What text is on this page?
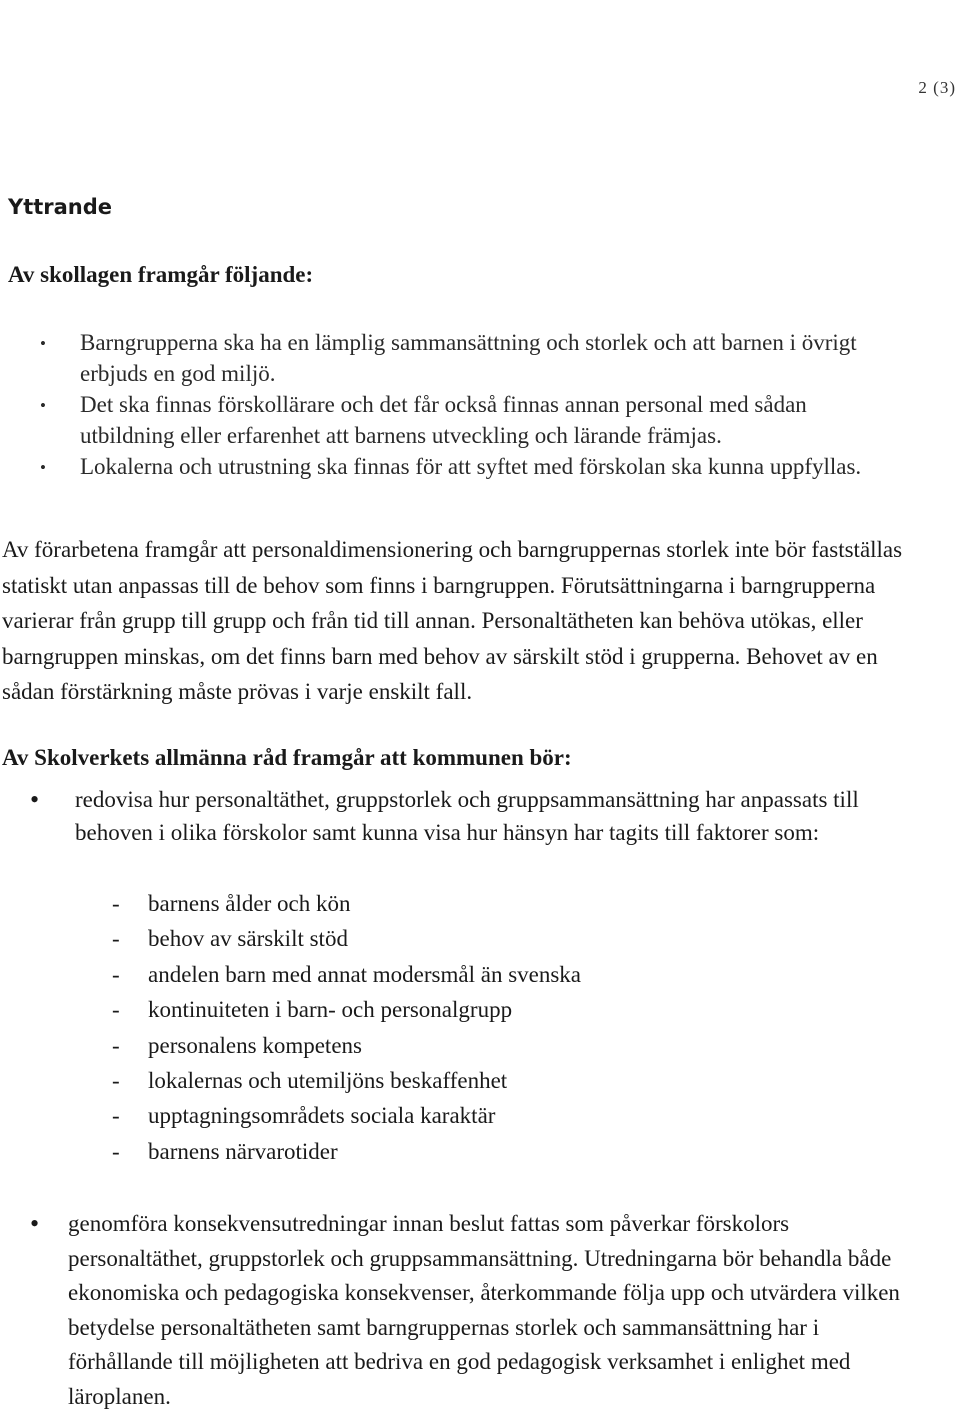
2 (3)
Yttrande
Av skollagen framgår följande:
• Barngrupperna ska ha en lämplig sammansättning och storlek och att barnen i övrigt erbjuds en god miljö.
• Det ska finnas förskollärare och det får också finnas annan personal med sådan utbildning eller erfarenhet att barnens utveckling och lärande främjas.
• Lokalerna och utrustning ska finnas för att syftet med förskolan ska kunna uppfyllas.

Av förarbetena framgår att personaldimensionering och barngruppernas storlek inte bör fastställas statiskt utan anpassas till de behov som finns i barngruppen. Förutsättningarna i barngrupperna varierar från grupp till grupp och från tid till annan. Personaltätheten kan behöva utökas, eller barngruppen minskas, om det finns barn med behov av särskilt stöd i grupperna. Behovet av en sådan förstärkning måste prövas i varje enskilt fall.

Av Skolverkets allmänna råd framgår att kommunen bör:
• redovisa hur personaltäthet, gruppstorlek och gruppsammansättning har anpassats till behoven i olika förskolor samt kunna visa hur hänsyn har tagits till faktorer som:

- barnens ålder och kön
- behov av särskilt stöd
- andelen barn med annat modersmål än svenska
- kontinuiteten i barn- och personalgrupp
- personalens kompetens
- lokalernas och utemiljöns beskaffenhet
- upptagningsområdets sociala karaktär
- barnens närvarotider
• genomföra konsekvensutredningar innan beslut fattas som påverkar förskolors personaltäthet, gruppstorlek och gruppsammansättning. Utredningarna bör behandla både ekonomiska och pedagogiska konsekvenser, återkommande följa upp och utvärdera vilken betydelse personaltätheten samt barngruppernas storlek och sammansättning har i förhållande till möjligheten att bedriva en god pedagogisk verksamhet i enlighet med läroplanen.
